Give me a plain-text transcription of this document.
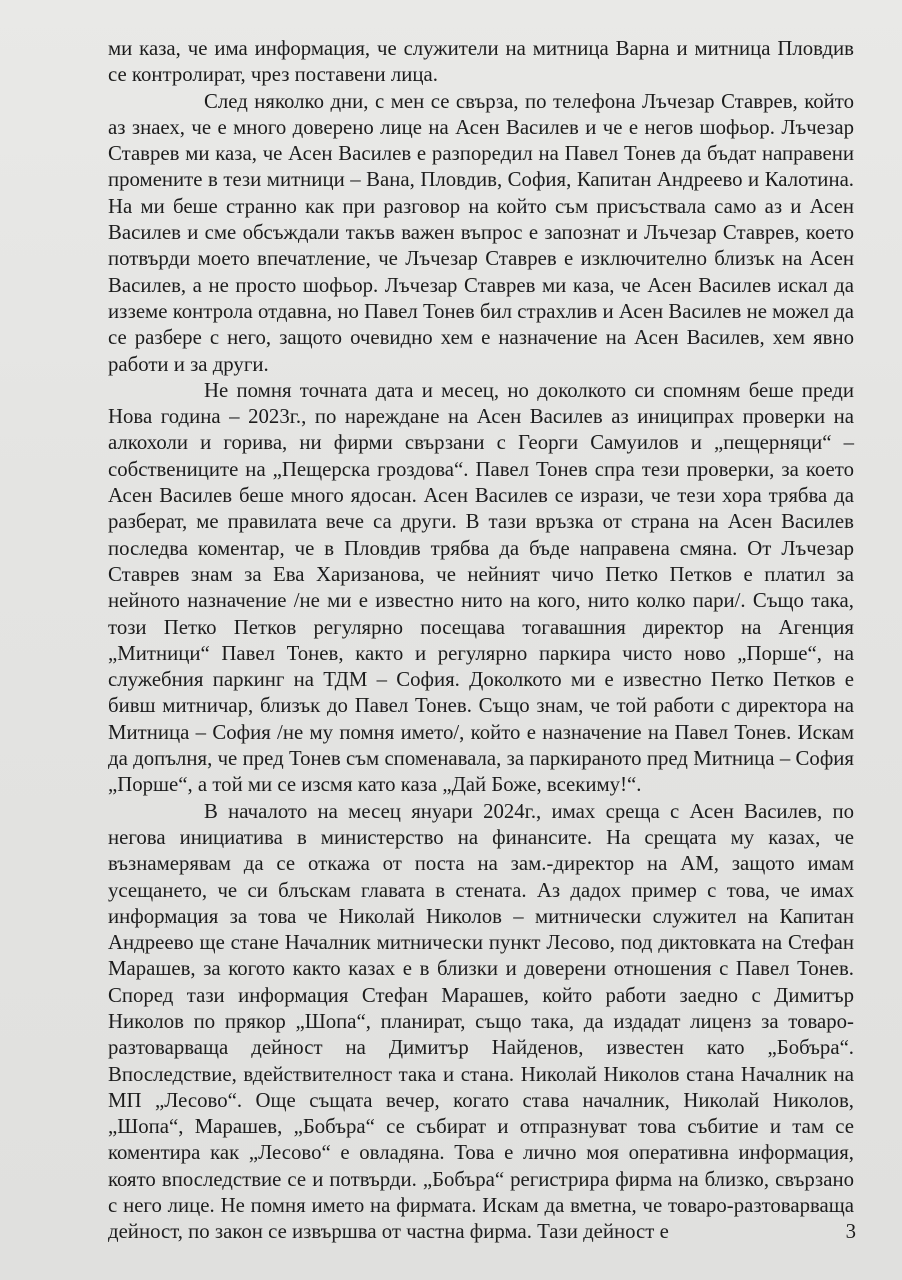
ми каза, че има информация, че служители на митница Варна и митница Пловдив се контролират, чрез поставени лица.

След няколко дни, с мен се свърза, по телефона Лъчезар Ставрев, който аз знаех, че е много доверено лице на Асен Василев и че е негов шофьор. Лъчезар Ставрев ми каза, че Асен Василев е разпоредил на Павел Тонев да бъдат направени промените в тези митници – Вана, Пловдив, София, Капитан Андреево и Калотина. На ми беше странно как при разговор на който съм присъствала само аз и Асен Василев и сме обсъждали такъв важен въпрос е запознат и Лъчезар Ставрев, което потвърди моето впечатление, че Лъчезар Ставрев е изключително близък на Асен Василев, а не просто шофьор. Лъчезар Ставрев ми каза, че Асен Василев искал да изземе контрола отдавна, но Павел Тонев бил страхлив и Асен Василев не можел да се разбере с него, защото очевидно хем е назначение на Асен Василев, хем явно работи и за други.

Не помня точната дата и месец, но доколкото си спомням беше преди Нова година – 2023г., по нареждане на Асен Василев аз иниципрах проверки на алкохоли и горива, ни фирми свързани с Георги Самуилов и „пещерняци“ – собствениците на „Пещерска гроздова“. Павел Тонев спра тези проверки, за което Асен Василев беше много ядосан. Асен Василев се изрази, че тези хора трябва да разберат, ме правилата вече са други. В тази връзка от страна на Асен Василев последва коментар, че в Пловдив трябва да бъде направена смяна. От Лъчезар Ставрев знам за Ева Харизанова, че нейният чичо Петко Петков е платил за нейното назначение /не ми е известно нито на кого, нито колко пари/. Също така, този Петко Петков регулярно посещава тогавашния директор на Агенция „Митници“ Павел Тонев, както и регулярно паркира чисто ново „Порше“, на служебния паркинг на ТДМ – София. Доколкото ми е известно Петко Петков е бивш митничар, близък до Павел Тонев. Също знам, че той работи с директора на Митница – София /не му помня името/, който е назначение на Павел Тонев. Искам да допълня, че пред Тонев съм споменавала, за паркираното пред Митница – София „Порше“, а той ми се изсмя като каза „Дай Боже, всекиму!“.

В началото на месец януари 2024г., имах среща с Асен Василев, по негова инициатива в министерство на финансите. На срещата му казах, че възнамерявам да се откажа от поста на зам.-директор на АМ, защото имам усещането, че си блъскам главата в стената. Аз дадох пример с това, че имах информация за това че Николай Николов – митнически служител на Капитан Андреево ще стане Началник митнически пункт Лесово, под диктовката на Стефан Марашев, за когото както казах е в близки и доверени отношения с Павел Тонев. Според тази информация Стефан Марашев, който работи заедно с Димитър Николов по прякор „Шопа“, планират, също така, да издадат лиценз за товаро-разтоварваща дейност на Димитър Найденов, известен като „Бобъра“. Впоследствие, вдействителност така и стана. Николай Николов стана Началник на МП „Лесово“. Още същата вечер, когато става началник, Николай Николов, „Шопа“, Марашев, „Бобъра“ се събират и отпразнуват това събитие и там се коментира как „Лесово“ е овладяна. Това е лично моя оперативна информация, която впоследствие се и потвърди. „Бобъра“ регистрира фирма на близко, свързано с него лице. Не помня името на фирмата. Искам да вметна, че товаро-разтоварваща дейност, по закон се извършва от частна фирма. Тази дейност е	3
